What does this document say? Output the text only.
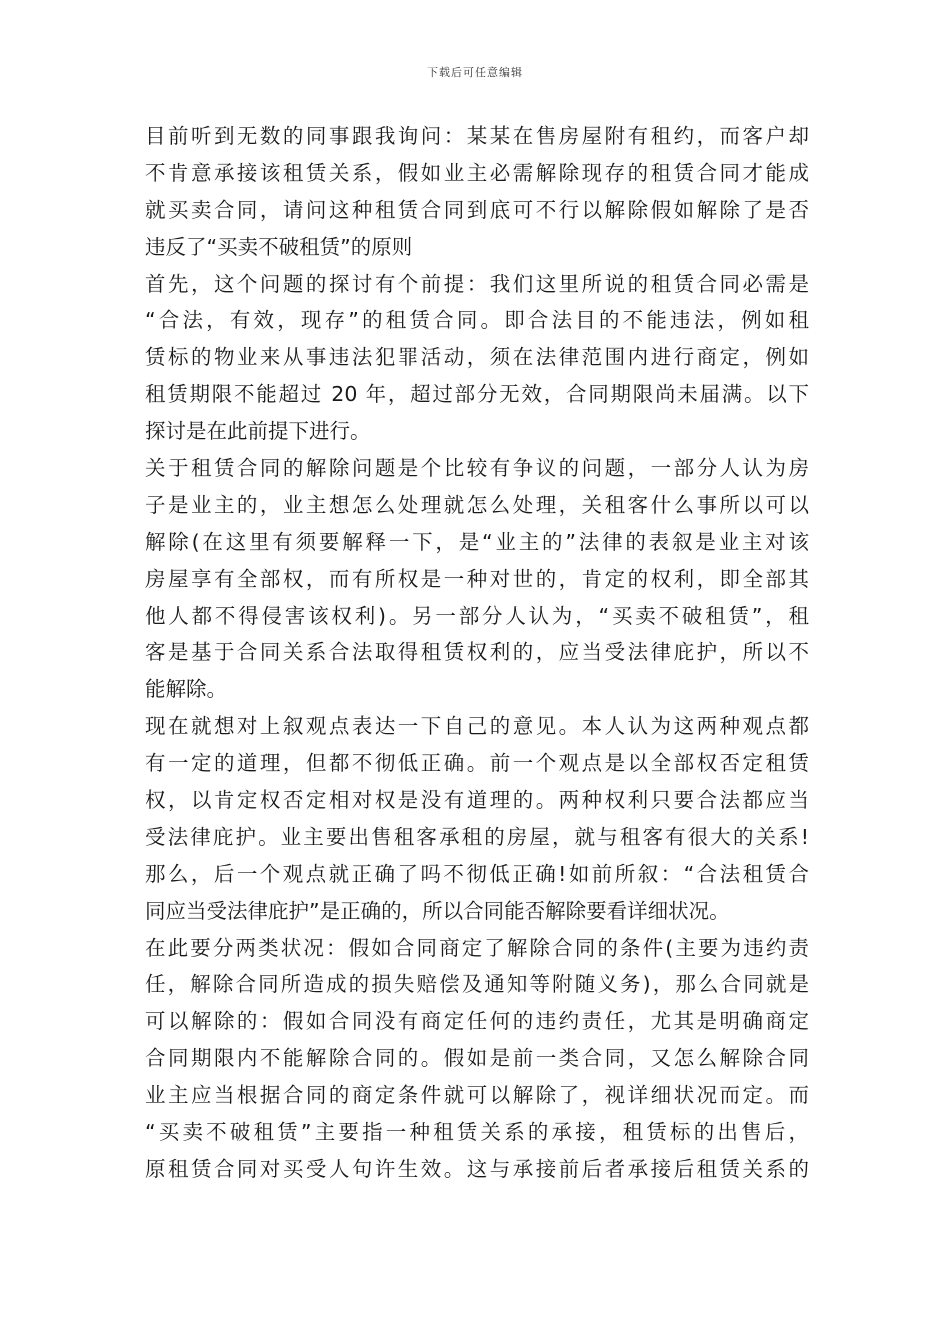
下载后可任意编辑
目前听到无数的同事跟我询问：某某在售房屋附有租约，而客户却
不肯意承接该租赁关系，假如业主必需解除现存的租赁合同才能成
就买卖合同，请问这种租赁合同到底可不行以解除假如解除了是否
违反了“买卖不破租赁”的原则
首先，这个问题的探讨有个前提：我们这里所说的租赁合同必需是
“合法，有效，现存”的租赁合同。即合法目的不能违法，例如租
赁标的物业来从事违法犯罪活动，须在法律范围内进行商定，例如
租赁期限不能超过 20 年，超过部分无效，合同期限尚未届满。以下
探讨是在此前提下进行。
关于租赁合同的解除问题是个比较有争议的问题，一部分人认为房
子是业主的，业主想怎么处理就怎么处理，关租客什么事所以可以
解除(在这里有须要解释一下，是“业主的”法律的表叙是业主对该
房屋享有全部权，而有所权是一种对世的，肯定的权利，即全部其
他人都不得侵害该权利)。另一部分人认为，“买卖不破租赁”，租
客是基于合同关系合法取得租赁权利的，应当受法律庇护，所以不
能解除。
现在就想对上叙观点表达一下自己的意见。本人认为这两种观点都
有一定的道理，但都不彻低正确。前一个观点是以全部权否定租赁
权，以肯定权否定相对权是没有道理的。两种权利只要合法都应当
受法律庇护。业主要出售租客承租的房屋，就与租客有很大的关系!
那么，后一个观点就正确了吗不彻低正确!如前所叙：“合法租赁合
同应当受法律庇护”是正确的，所以合同能否解除要看详细状况。
在此要分两类状况：假如合同商定了解除合同的条件(主要为违约责
任，解除合同所造成的损失赔偿及通知等附随义务)，那么合同就是
可以解除的：假如合同没有商定任何的违约责任，尤其是明确商定
合同期限内不能解除合同的。假如是前一类合同，又怎么解除合同
业主应当根据合同的商定条件就可以解除了，视详细状况而定。而
“买卖不破租赁”主要指一种租赁关系的承接，租赁标的出售后，
原租赁合同对买受人句许生效。这与承接前后者承接后租赁关系的
